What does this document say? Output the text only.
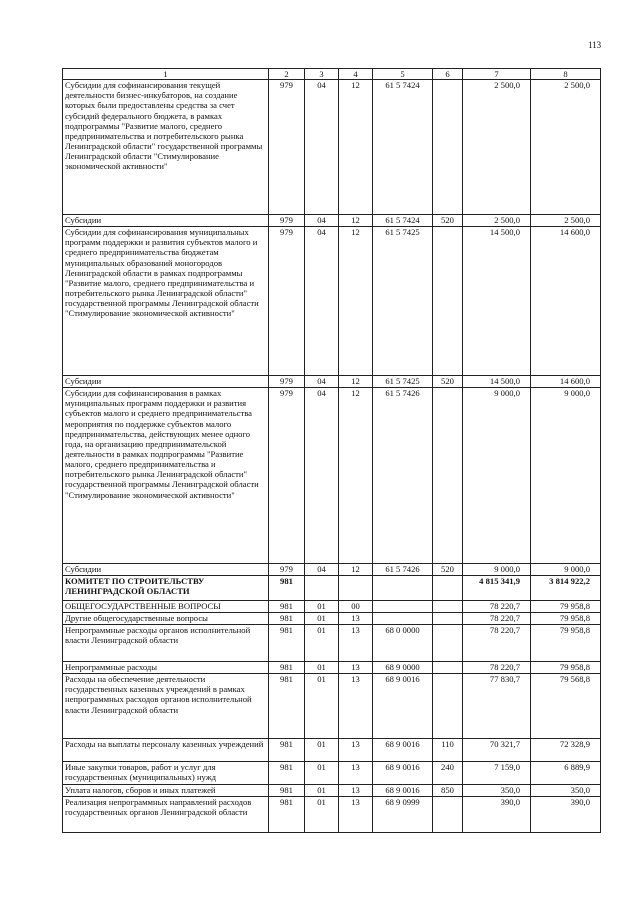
113
1	2	3	4	5	6	7	8
Субсидии для софинансирования текущей деятельности бизнес-инкубаторов, на создание которых были предоставлены средства за счет субсидий федерального бюджета, в рамках подпрограммы "Развитие малого, среднего предпринимательства и потребительского рынка Ленинградской области" государственной программы Ленинградской области "Стимулирование экономической активности"	979	04	12	61 5 7424		2 500,0	2 500,0
Субсидии	979	04	12	61 5 7424	520	2 500,0	2 500,0
Субсидии для софинансирования муниципальных программ поддержки и развития субъектов малого и среднего предпринимательства бюджетам муниципальных образований моногородов Ленинградской области в рамках подпрограммы "Развитие малого, среднего предпринимательства и потребительского рынка Ленинградской области" государственной программы Ленинградской области "Стимулирование экономической активности"	979	04	12	61 5 7425		14 500,0	14 600,0
Субсидии	979	04	12	61 5 7425	520	14 500,0	14 600,0
Субсидии для софинансирования в рамках муниципальных программ поддержки и развития субъектов малого и среднего предпринимательства мероприятия по поддержке субъектов малого предпринимательства, действующих менее одного года, на организацию предпринимательской деятельности в рамках подпрограммы "Развитие малого, среднего предпринимательства и потребительского рынка Ленинградской области" государственной программы Ленинградской области "Стимулирование экономической активности"	979	04	12	61 5 7426		9 000,0	9 000,0
Субсидии	979	04	12	61 5 7426	520	9 000,0	9 000,0
КОМИТЕТ ПО СТРОИТЕЛЬСТВУ ЛЕНИНГРАДСКОЙ ОБЛАСТИ	981					4 815 341,9	3 814 922,2
ОБЩЕГОСУДАРСТВЕННЫЕ ВОПРОСЫ	981	01	00			78 220,7	79 958,8
Другие общегосударственные вопросы	981	01	13			78 220,7	79 958,8
Непрограммные расходы органов исполнительной власти Ленинградской области	981	01	13	68 0 0000		78 220,7	79 958,8
Непрограммные расходы	981	01	13	68 9 0000		78 220,7	79 958,8
Расходы на обеспечение деятельности государственных казенных учреждений в рамках непрограммных расходов органов исполнительной власти Ленинградской области	981	01	13	68 9 0016		77 830,7	79 568,8
Расходы на выплаты персоналу казенных учреждений	981	01	13	68 9 0016	110	70 321,7	72 328,9
Иные закупки товаров, работ и услуг для государственных (муниципальных) нужд	981	01	13	68 9 0016	240	7 159,0	6 889,9
Уплата налогов, сборов и иных платежей	981	01	13	68 9 0016	850	350,0	350,0
Реализация непрограммных направлений расходов государственных органов Ленинградской области	981	01	13	68 9 0999		390,0	390,0
